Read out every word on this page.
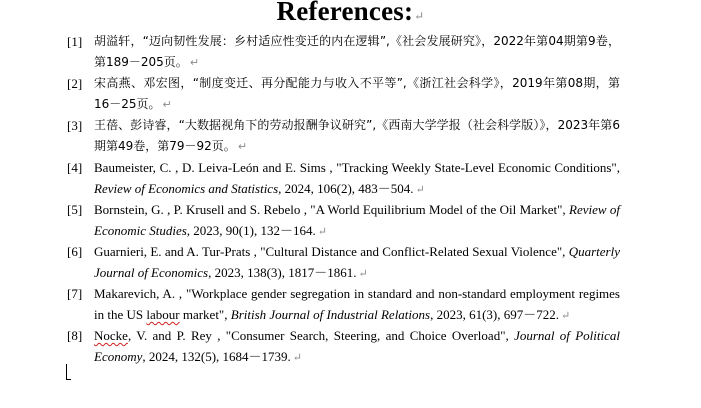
References:↵
[1] 胡溢轩，“迈向韧性发展：乡村适应性变迁的内在逻辑”,《社会发展研究》，2022年第04期第9卷，第189－205页。 ↵
[2] 宋高燕、邓宏图，“制度变迁、再分配能力与收入不平等”,《浙江社会科学》，2019年第08期，第16－25页。 ↵
[3] 王蓓、彭诗睿，“大数据视角下的劳动报酬争议研究”,《西南大学学报（社会科学版）》，2023年第6期第49卷，第79－92页。 ↵
[4] Baumeister, C. , D. Leiva-León and E. Sims , "Tracking Weekly State-Level Economic Conditions", Review of Economics and Statistics, 2024, 106(2), 483－504. ↵
[5] Bornstein, G. , P. Krusell and S. Rebelo , "A World Equilibrium Model of the Oil Market", Review of Economic Studies, 2023, 90(1), 132－164. ↵
[6] Guarnieri, E. and A. Tur-Prats , "Cultural Distance and Conflict-Related Sexual Violence", Quarterly Journal of Economics, 2023, 138(3), 1817－1861. ↵
[7] Makarevich, A. , "Workplace gender segregation in standard and non-standard employment regimes in the US labour market", British Journal of Industrial Relations, 2023, 61(3), 697－722. ↵
[8] Nocke, V. and P. Rey , "Consumer Search, Steering, and Choice Overload", Journal of Political Economy, 2024, 132(5), 1684－1739. ↵
